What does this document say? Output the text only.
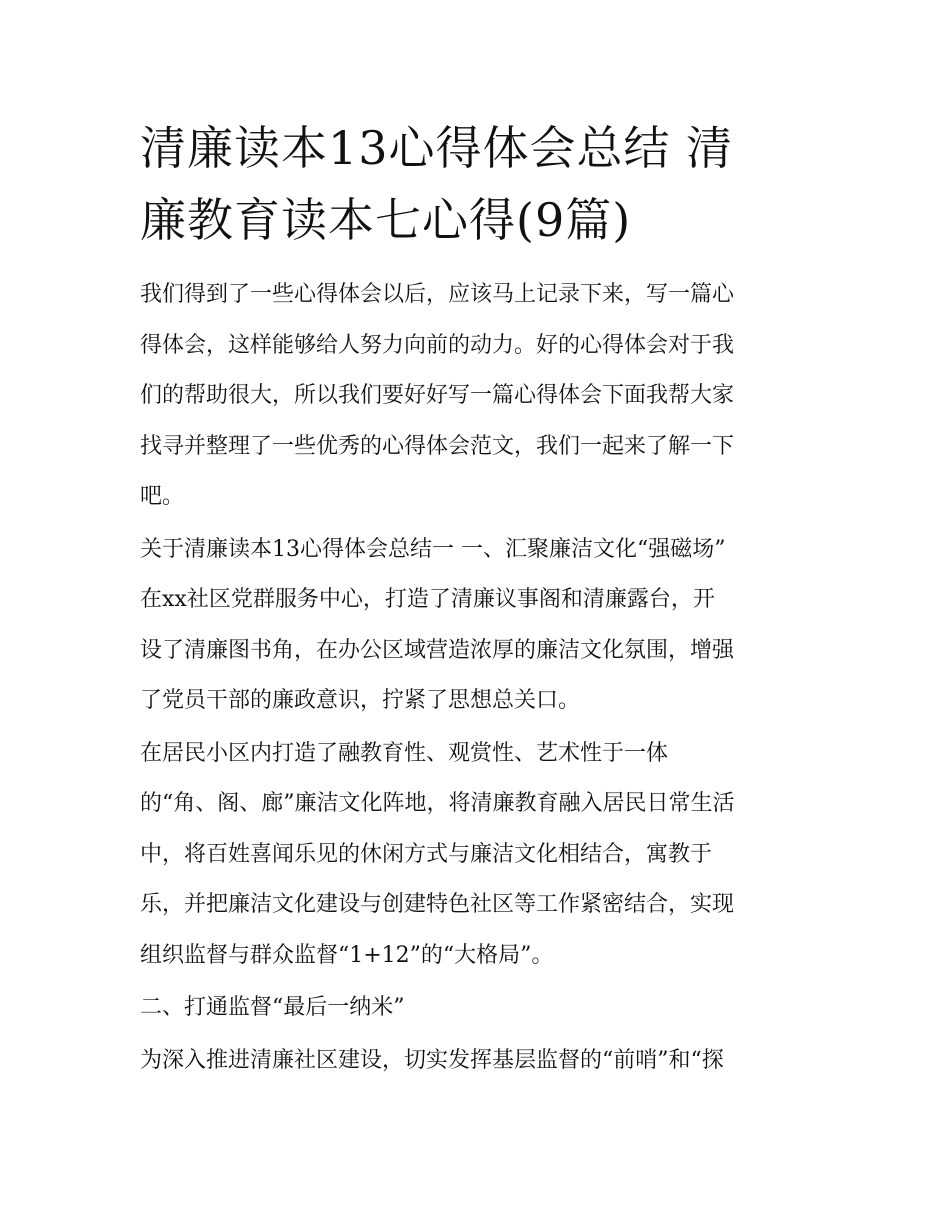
清廉读本13心得体会总结 清
廉教育读本七心得(9篇)
我们得到了一些心得体会以后，应该马上记录下来，写一篇心
得体会，这样能够给人努力向前的动力。好的心得体会对于我
们的帮助很大，所以我们要好好写一篇心得体会下面我帮大家
找寻并整理了一些优秀的心得体会范文，我们一起来了解一下
吧。
关于清廉读本13心得体会总结一 一、汇聚廉洁文化“强磁场”
在xx社区党群服务中心，打造了清廉议事阁和清廉露台，开
设了清廉图书角，在办公区域营造浓厚的廉洁文化氛围，增强
了党员干部的廉政意识，拧紧了思想总关口。
在居民小区内打造了融教育性、观赏性、艺术性于一体
的“角、阁、廊”廉洁文化阵地，将清廉教育融入居民日常生活
中，将百姓喜闻乐见的休闲方式与廉洁文化相结合，寓教于
乐，并把廉洁文化建设与创建特色社区等工作紧密结合，实现
组织监督与群众监督“1+12”的“大格局”。
二、打通监督“最后一纳米”
为深入推进清廉社区建设，切实发挥基层监督的“前哨”和“探
